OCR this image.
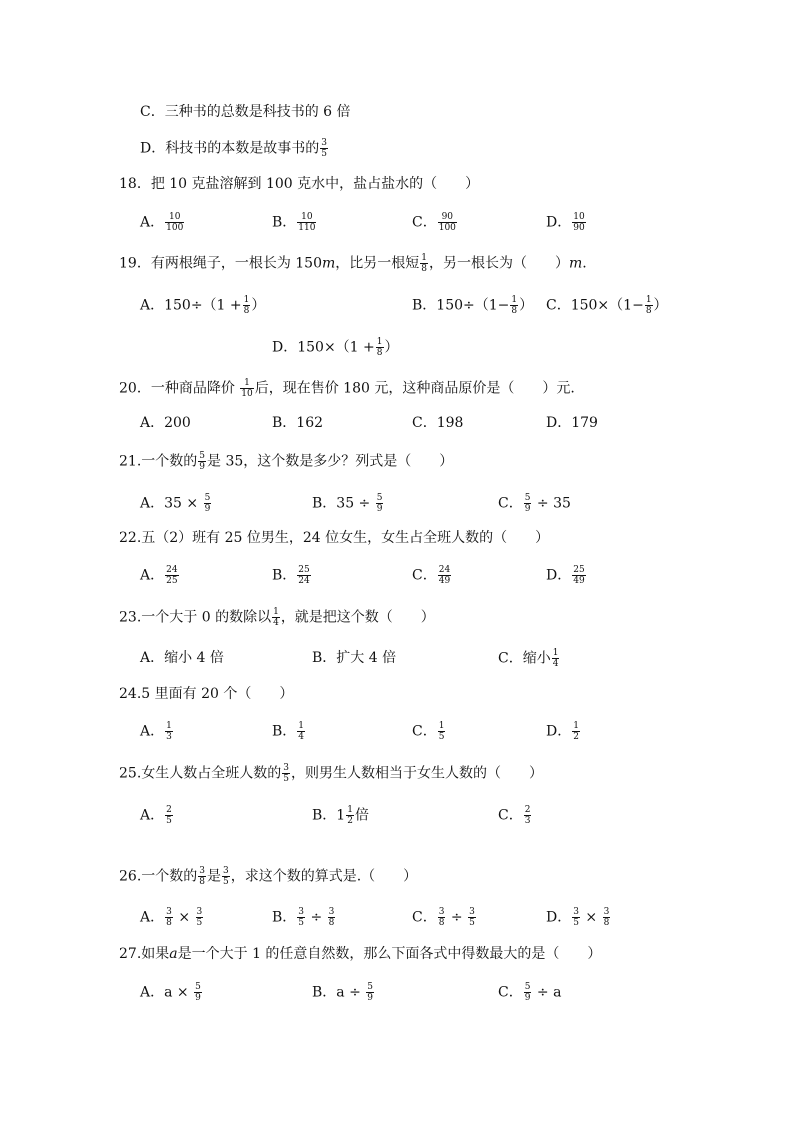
C．三种书的总数是科技书的 6 倍
D．科技书的本数是故事书的 $\frac{3}{5}$
18．把 10 克盐溶解到 100 克水中，盐占盐水的（　　）
A． $\frac{10}{100}$	B． $\frac{10}{110}$	C． $\frac{90}{100}$	D． $\frac{10}{90}$
19．有两根绳子，一根长为 150m，比另一根短 $\frac{1}{8}$ ，另一根长为（　　）m.
A．$150\div(1 + \frac{1}{8}$ ）	B．$150\div(1- \frac{1}{8}$ ） C．$150\times(1- \frac{1}{8}$ ）
D．$150\times(1 + \frac{1}{8}$ ）
20．一种商品降价 $\frac{1}{10}$ 后，现在售价 180 元，这种商品原价是（　　）元.
A．200	B．162	C．198	D．179
21.一个数的 $\frac{5}{9}$ 是 35，这个数是多少？列式是（　　）
A．$35 \times \frac{5}{9}$	B．$35 \div \frac{5}{9}$	C． $\frac{5}{9} \div 35$
22.五（2）班有 25 位男生，24 位女生，女生占全班人数的（　　）
A． $\frac{24}{25}$	B． $\frac{25}{24}$	C． $\frac{24}{49}$	D． $\frac{25}{49}$
23.一个大于 0 的数除以 $\frac{1}{4}$ ，就是把这个数（　　）
A．缩小 4 倍	B．扩大 4 倍	C．缩小 $\frac{1}{4}$
24.5 里面有 20 个（　　）
A． $\frac{1}{3}$	B． $\frac{1}{4}$	C． $\frac{1}{5}$	D． $\frac{1}{2}$
25.女生人数占全班人数的 $\frac{3}{5}$ ，则男生人数相当于女生人数的（　　）
A． $\frac{2}{5}$	B．$1 \frac{1}{2}$ 倍	C． $\frac{2}{3}$
26.一个数的 $\frac{3}{8}$ 是 $\frac{3}{5}$ ，求这个数的算式是.（　　）
A． $\frac{3}{8} \times \frac{3}{5}$	B． $\frac{3}{5} \div \frac{3}{8}$	C． $\frac{3}{8} \div \frac{3}{5}$	D． $\frac{3}{5} \times \frac{3}{8}$
27.如果a是一个大于 1 的任意自然数，那么下面各式中得数最大的是（　　）
A．$a \times \frac{5}{9}$	B．$a \div \frac{5}{9}$	C． $\frac{5}{9} \div a$
